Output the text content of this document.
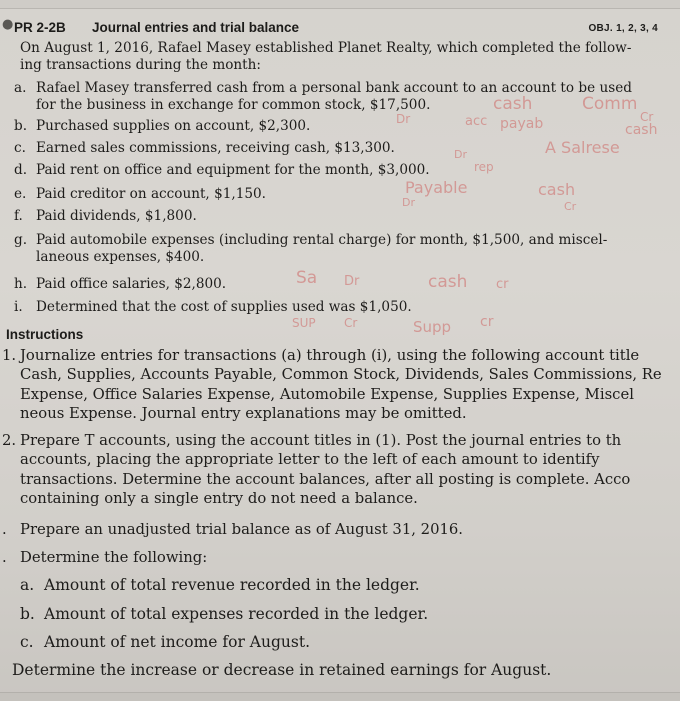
● PR 2-2B Journal entries and trial balance	OBJ. 1, 2, 3, 4
On August 1, 2016, Rafael Masey established Planet Realty, which completed the follow-
ing transactions during the month:
a. Rafael Masey transferred cash from a personal bank account to an account to be used
for the business in exchange for common stock, $17,500.
b. Purchased supplies on account, $2,300.
c. Earned sales commissions, receiving cash, $13,300.
d. Paid rent on office and equipment for the month, $3,000.
e. Paid creditor on account, $1,150.
f. Paid dividends, $1,800.
g. Paid automobile expenses (including rental charge) for month, $1,500, and miscel-
laneous expenses, $400.
h. Paid office salaries, $2,800.
i. Determined that the cost of supplies used was $1,050.
Instructions
1. Journalize entries for transactions (a) through (i), using the following account title
Cash, Supplies, Accounts Payable, Common Stock, Dividends, Sales Commissions, Re
Expense, Office Salaries Expense, Automobile Expense, Supplies Expense, Miscel
neous Expense. Journal entry explanations may be omitted.
2. Prepare T accounts, using the account titles in (1). Post the journal entries to th
accounts, placing the appropriate letter to the left of each amount to identify
transactions. Determine the account balances, after all posting is complete. Acco
containing only a single entry do not need a balance.
. Prepare an unadjusted trial balance as of August 31, 2016.
. Determine the following:
a. Amount of total revenue recorded in the ledger.
b. Amount of total expenses recorded in the ledger.
c. Amount of net income for August.
Determine the increase or decrease in retained earnings for August.
cash	Comm
Cr
acc payab
Dr
cash
Dr	A Salrese
rep
Payable
Dr
cash
Cr
Sa Dr	cash cr
SUP Cr	Supp cr
